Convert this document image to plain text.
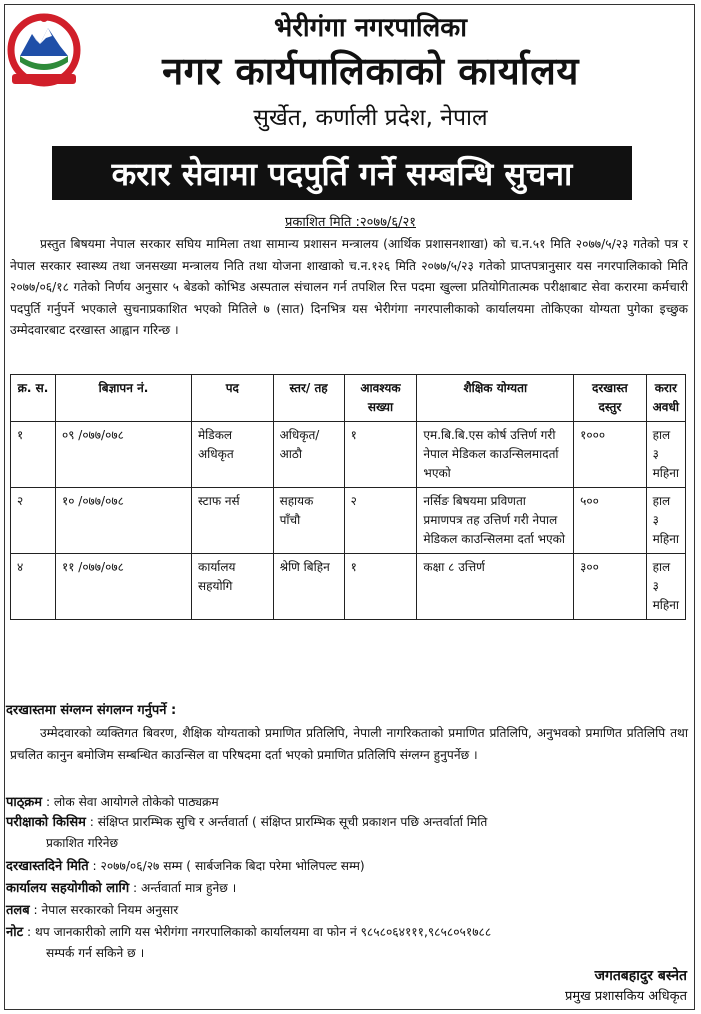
भेरीगंगा नगरपालिका
नगर कार्यपालिकाको कार्यालय
सुर्खेत, कर्णाली प्रदेश, नेपाल
करार सेवामा पदपुर्ति गर्ने सम्बन्धि सुचना
प्रकाशित मिति :२०७७/६/२१
प्रस्तुत बिषयमा नेपाल सरकार सघिय मामिला तथा सामान्य प्रशासन मन्त्रालय (आर्थिक प्रशासनशाखा) को च.न.५१ मिति २०७७/५/२३ गतेको पत्र र नेपाल सरकार स्वास्थ्य तथा जनसख्या मन्त्रालय निति तथा योजना शाखाको च.न.१२६ मिति २०७७/५/२३ गतेको प्राप्तपत्रानुसार यस नगरपालिकाको मिति २०७७/०६/१८ गतेको निर्णय अनुसार ५ बेडको कोभिड अस्पताल संचालन गर्न तपशिल रित्त पदमा खुल्ला प्रतियोगितात्मक परीक्षाबाट सेवा करारमा कर्मचारी पदपुर्ति गर्नुपर्ने भएकाले सुचनाप्रकाशित भएको मितिले ७ (सात) दिनभित्र यस भेरीगंगा नगरपालीकाको कार्यालयमा तोकिएका योग्यता पुगेका इच्छुक उम्मेदवारबाट दरखास्त आह्वान गरिन्छ ।
क्र. स.	बिज्ञापन नं.	पद	स्तर/ तह	आवश्यक सख्या	शैक्षिक योग्यता	दरखास्त दस्तुर	करार अवधी
१	०९ /०७७/०७८	मेडिकल अधिकृत	अधिकृत/ आठौ	१	एम.बि.बि.एस कोर्ष उत्तिर्ण गरी नेपाल मेडिकल काउन्सिलमादर्ता भएको	१०००	हाल ३ महिना
२	१० /०७७/०७८	स्टाफ नर्स	सहायक पाँचौ	२	नर्सिङ बिषयमा प्रविणता प्रमाणपत्र तह उत्तिर्ण गरी नेपाल मेडिकल काउन्सिलमा दर्ता भएको	५००	हाल ३ महिना
४	११ /०७७/०७८	कार्यालय सहयोगि	श्रेणि बिहिन	१	कक्षा ८ उत्तिर्ण	३००	हाल ३ महिना
दरखास्तमा संग्लग्न संगलग्न गर्नुपर्ने :
उम्मेदवारको व्यक्तिगत बिवरण, शैक्षिक योग्यताको प्रमाणित प्रतिलिपि, नेपाली नागरिकताको प्रमाणित प्रतिलिपि, अनुभवको प्रमाणित प्रतिलिपि तथा प्रचलित कानुन बमोजिम सम्बन्धित काउन्सिल वा परिषदमा दर्ता भएको प्रमाणित प्रतिलिपि संग्लग्न हुनुपर्नेछ ।
पाठ्क्रम : लोक सेवा आयोगले तोकेको पाठ्यक्रम
परीक्षाको किसिम : संक्षिप्त प्रारम्भिक सुचि र अर्न्तवार्ता ( संक्षिप्त प्रारम्भिक सूची प्रकाशन पछि अन्तर्वार्ता मिति
प्रकाशित गरिनेछ
दरखास्तदिने मिति : २०७७/०६/२७ सम्म ( सार्बजनिक बिदा परेमा भोलिपल्ट सम्म)
कार्यालय सहयोगीको लागि : अर्न्तवार्ता मात्र हुनेछ ।
तलब : नेपाल सरकारको नियम अनुसार
नोट : थप जानकारीको लागि यस भेरीगंगा नगरपालिकाको कार्यालयमा वा फोन नं ९८५८०६४१११,९८५८०५१७८८
सम्पर्क गर्न सकिने छ ।
जगतबहादुर बस्नेत
प्रमुख प्रशासकिय अधिकृत
